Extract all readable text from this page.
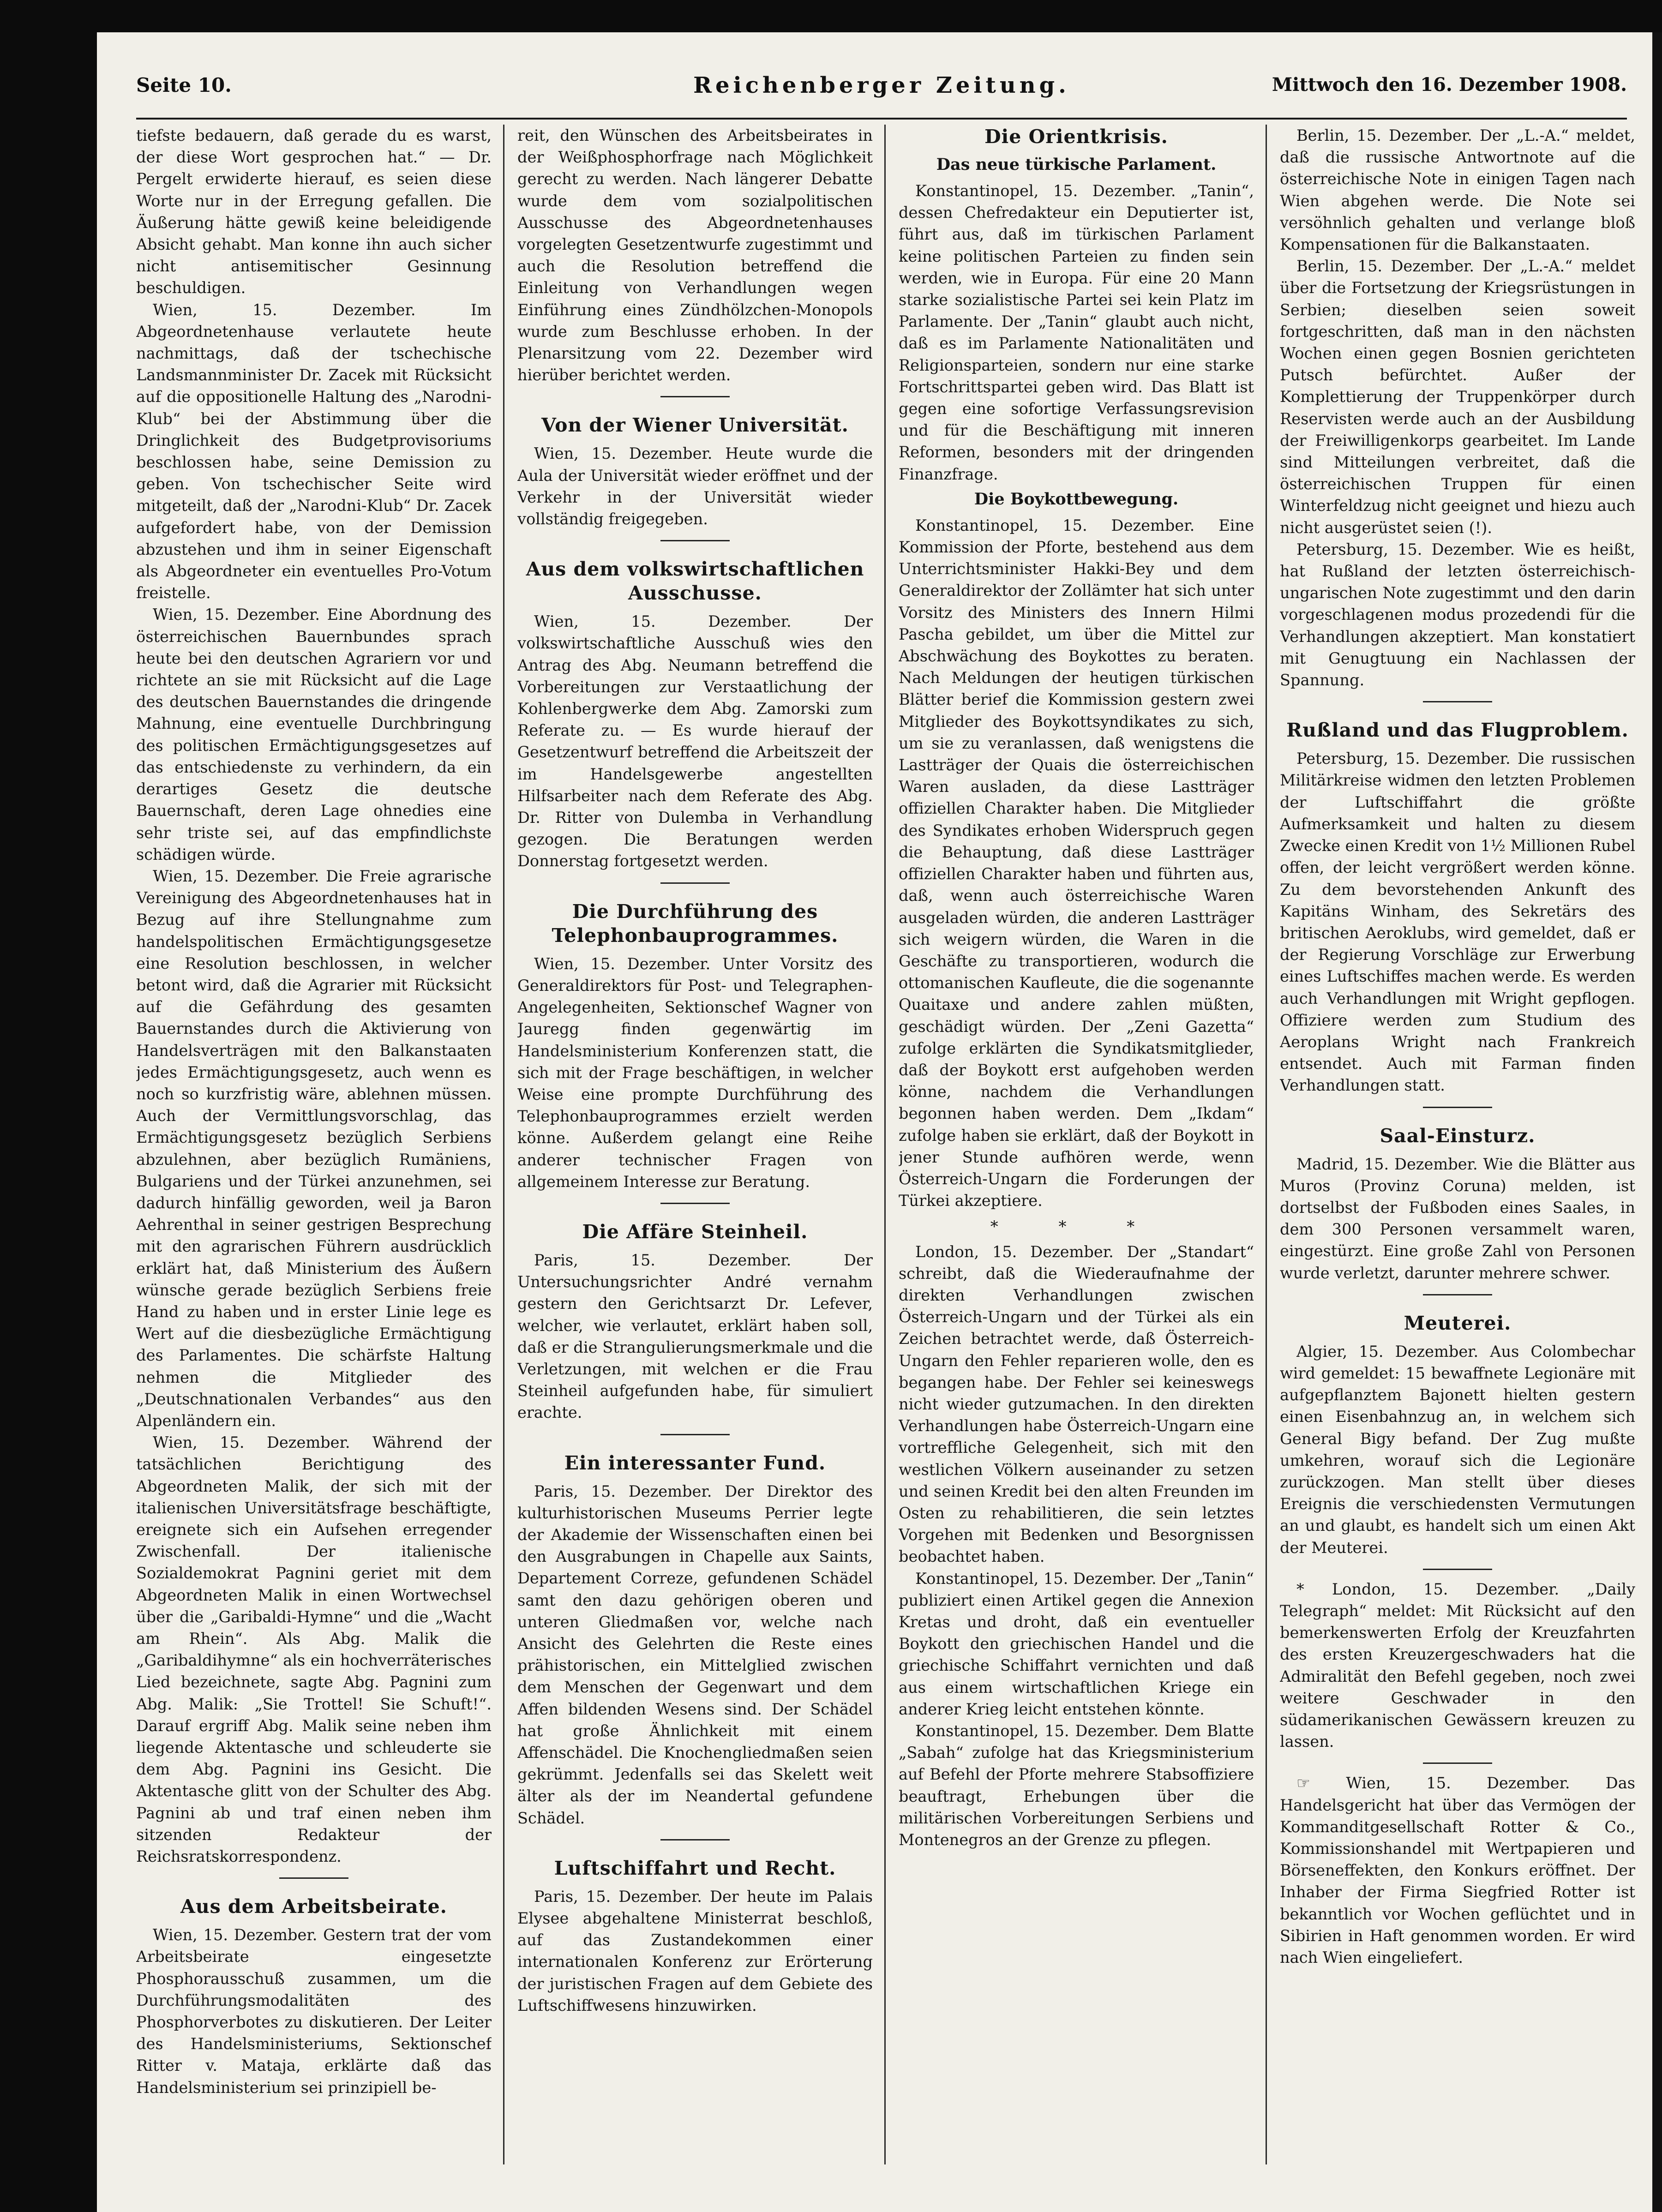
Seite 10.	Reichenberger Zeitung.	Mittwoch den 16. Dezember 1908.

tiefste bedauern, daß gerade du es warst, der diese Wort gesprochen hat.“ — Dr. Pergelt erwiderte hierauf, es seien diese Worte nur in der Erregung gefallen. Die Äußerung hätte gewiß keine beleidigende Absicht gehabt. Man konne ihn auch sicher nicht antisemitischer Gesinnung beschuldigen.

Wien, 15. Dezember. Im Abgeordnetenhause verlautete heute nachmittags, daß der tschechische Landsmannminister Dr. Zacek mit Rücksicht auf die oppositionelle Haltung des „Narodni-Klub“ bei der Abstimmung über die Dringlichkeit des Budgetprovisoriums beschlossen habe, seine Demission zu geben. Von tschechischer Seite wird mitgeteilt, daß der „Narodni-Klub“ Dr. Zacek aufgefordert habe, von der Demission abzustehen und ihm in seiner Eigenschaft als Abgeordneter ein eventuelles Pro-Votum freistelle.

Wien, 15. Dezember. Eine Abordnung des österreichischen Bauernbundes sprach heute bei den deutschen Agrariern vor und richtete an sie mit Rücksicht auf die Lage des deutschen Bauernstandes die dringende Mahnung, eine eventuelle Durchbringung des politischen Ermächtigungsgesetzes auf das entschiedenste zu verhindern, da ein derartiges Gesetz die deutsche Bauernschaft, deren Lage ohnedies eine sehr triste sei, auf das empfindlichste schädigen würde.

Wien, 15. Dezember. Die Freie agrarische Vereinigung des Abgeordnetenhauses hat in Bezug auf ihre Stellungnahme zum handelspolitischen Ermächtigungsgesetze eine Resolution beschlossen, in welcher betont wird, daß die Agrarier mit Rücksicht auf die Gefährdung des gesamten Bauernstandes durch die Aktivierung von Handelsverträgen mit den Balkanstaaten jedes Ermächtigungsgesetz, auch wenn es noch so kurzfristig wäre, ablehnen müssen. Auch der Vermittlungsvorschlag, das Ermächtigungsgesetz bezüglich Serbiens abzulehnen, aber bezüglich Rumäniens, Bulgariens und der Türkei anzunehmen, sei dadurch hinfällig geworden, weil ja Baron Aehrenthal in seiner gestrigen Besprechung mit den agrarischen Führern ausdrücklich erklärt hat, daß Ministerium des Äußern wünsche gerade bezüglich Serbiens freie Hand zu haben und in erster Linie lege es Wert auf die diesbezügliche Ermächtigung des Parlamentes. Die schärfste Haltung nehmen die Mitglieder des „Deutschnationalen Verbandes“ aus den Alpenländern ein.

Wien, 15. Dezember. Während der tatsächlichen Berichtigung des Abgeordneten Malik, der sich mit der italienischen Universitätsfrage beschäftigte, ereignete sich ein Aufsehen erregender Zwischenfall. Der italienische Sozialdemokrat Pagnini geriet mit dem Abgeordneten Malik in einen Wortwechsel über die „Garibaldi-Hymne“ und die „Wacht am Rhein“. Als Abg. Malik die „Garibaldihymne“ als ein hochverräterisches Lied bezeichnete, sagte Abg. Pagnini zum Abg. Malik: „Sie Trottel! Sie Schuft!“. Darauf ergriff Abg. Malik seine neben ihm liegende Aktentasche und schleuderte sie dem Abg. Pagnini ins Gesicht. Die Aktentasche glitt von der Schulter des Abg. Pagnini ab und traf einen neben ihm sitzenden Redakteur der Reichsratskorrespondenz.

Aus dem Arbeitsbeirate.

Wien, 15. Dezember. Gestern trat der vom Arbeitsbeirate eingesetzte Phosphorausschuß zusammen, um die Durchführungsmodalitäten des Phosphorverbotes zu diskutieren. Der Leiter des Handelsministeriums, Sektionschef Ritter v. Mataja, erklärte daß das Handelsministerium sei prinzipiell be-

reit, den Wünschen des Arbeitsbeirates in der Weißphosphorfrage nach Möglichkeit gerecht zu werden. Nach längerer Debatte wurde dem vom sozialpolitischen Ausschusse des Abgeordnetenhauses vorgelegten Gesetzentwurfe zugestimmt und auch die Resolution betreffend die Einleitung von Verhandlungen wegen Einführung eines Zündhölzchen-Monopols wurde zum Beschlusse erhoben. In der Plenarsitzung vom 22. Dezember wird hierüber berichtet werden.

Von der Wiener Universität.

Wien, 15. Dezember. Heute wurde die Aula der Universität wieder eröffnet und der Verkehr in der Universität wieder vollständig freigegeben.

Aus dem volkswirtschaftlichen Ausschusse.

Wien, 15. Dezember. Der volkswirtschaftliche Ausschuß wies den Antrag des Abg. Neumann betreffend die Vorbereitungen zur Verstaatlichung der Kohlenbergwerke dem Abg. Zamorski zum Referate zu. — Es wurde hierauf der Gesetzentwurf betreffend die Arbeitszeit der im Handelsgewerbe angestellten Hilfsarbeiter nach dem Referate des Abg. Dr. Ritter von Dulemba in Verhandlung gezogen. Die Beratungen werden Donnerstag fortgesetzt werden.

Die Durchführung des Telephonbauprogrammes.

Wien, 15. Dezember. Unter Vorsitz des Generaldirektors für Post- und Telegraphen-Angelegenheiten, Sektionschef Wagner von Jauregg finden gegenwärtig im Handelsministerium Konferenzen statt, die sich mit der Frage beschäftigen, in welcher Weise eine prompte Durchführung des Telephonbauprogrammes erzielt werden könne. Außerdem gelangt eine Reihe anderer technischer Fragen von allgemeinem Interesse zur Beratung.

Die Affäre Steinheil.

Paris, 15. Dezember. Der Untersuchungsrichter André vernahm gestern den Gerichtsarzt Dr. Lefever, welcher, wie verlautet, erklärt haben soll, daß er die Strangulierungsmerkmale und die Verletzungen, mit welchen er die Frau Steinheil aufgefunden habe, für simuliert erachte.

Ein interessanter Fund.

Paris, 15. Dezember. Der Direktor des kulturhistorischen Museums Perrier legte der Akademie der Wissenschaften einen bei den Ausgrabungen in Chapelle aux Saints, Departement Correze, gefundenen Schädel samt den dazu gehörigen oberen und unteren Gliedmaßen vor, welche nach Ansicht des Gelehrten die Reste eines prähistorischen, ein Mittelglied zwischen dem Menschen der Gegenwart und dem Affen bildenden Wesens sind. Der Schädel hat große Ähnlichkeit mit einem Affenschädel. Die Knochengliedmaßen seien gekrümmt. Jedenfalls sei das Skelett weit älter als der im Neandertal gefundene Schädel.

Luftschiffahrt und Recht.

Paris, 15. Dezember. Der heute im Palais Elysee abgehaltene Ministerrat beschloß, auf das Zustandekommen einer internationalen Konferenz zur Erörterung der juristischen Fragen auf dem Gebiete des Luftschiffwesens hinzuwirken.

Die Orientkrisis.
Das neue türkische Parlament.

Konstantinopel, 15. Dezember. „Tanin“, dessen Chefredakteur ein Deputierter ist, führt aus, daß im türkischen Parlament keine politischen Parteien zu finden sein werden, wie in Europa. Für eine 20 Mann starke sozialistische Partei sei kein Platz im Parlamente. Der „Tanin“ glaubt auch nicht, daß es im Parlamente Nationalitäten und Religionsparteien, sondern nur eine starke Fortschrittspartei geben wird. Das Blatt ist gegen eine sofortige Verfassungsrevision und für die Beschäftigung mit inneren Reformen, besonders mit der dringenden Finanzfrage.

Die Boykottbewegung.

Konstantinopel, 15. Dezember. Eine Kommission der Pforte, bestehend aus dem Unterrichtsminister Hakki-Bey und dem Generaldirektor der Zollämter hat sich unter Vorsitz des Ministers des Innern Hilmi Pascha gebildet, um über die Mittel zur Abschwächung des Boykottes zu beraten. Nach Meldungen der heutigen türkischen Blätter berief die Kommission gestern zwei Mitglieder des Boykottsyndikates zu sich, um sie zu veranlassen, daß wenigstens die Lastträger der Quais die österreichischen Waren ausladen, da diese Lastträger offiziellen Charakter haben. Die Mitglieder des Syndikates erhoben Widerspruch gegen die Behauptung, daß diese Lastträger offiziellen Charakter haben und führten aus, daß, wenn auch österreichische Waren ausgeladen würden, die anderen Lastträger sich weigern würden, die Waren in die Geschäfte zu transportieren, wodurch die ottomanischen Kaufleute, die die sogenannte Quaitaxe und andere zahlen müßten, geschädigt würden. Der „Zeni Gazetta“ zufolge erklärten die Syndikatsmitglieder, daß der Boykott erst aufgehoben werden könne, nachdem die Verhandlungen begonnen haben werden. Dem „Ikdam“ zufolge haben sie erklärt, daß der Boykott in jener Stunde aufhören werde, wenn Österreich-Ungarn die Forderungen der Türkei akzeptiere.

* * *

London, 15. Dezember. Der „Standart“ schreibt, daß die Wiederaufnahme der direkten Verhandlungen zwischen Österreich-Ungarn und der Türkei als ein Zeichen betrachtet werde, daß Österreich-Ungarn den Fehler reparieren wolle, den es begangen habe. Der Fehler sei keineswegs nicht wieder gutzumachen. In den direkten Verhandlungen habe Österreich-Ungarn eine vortreffliche Gelegenheit, sich mit den westlichen Völkern auseinander zu setzen und seinen Kredit bei den alten Freunden im Osten zu rehabilitieren, die sein letztes Vorgehen mit Bedenken und Besorgnissen beobachtet haben.

Konstantinopel, 15. Dezember. Der „Tanin“ publiziert einen Artikel gegen die Annexion Kretas und droht, daß ein eventueller Boykott den griechischen Handel und die griechische Schiffahrt vernichten und daß aus einem wirtschaftlichen Kriege ein anderer Krieg leicht entstehen könnte.

Konstantinopel, 15. Dezember. Dem Blatte „Sabah“ zufolge hat das Kriegsministerium auf Befehl der Pforte mehrere Stabsoffiziere beauftragt, Erhebungen über die militärischen Vorbereitungen Serbiens und Montenegros an der Grenze zu pflegen.

Berlin, 15. Dezember. Der „L.-A.“ meldet, daß die russische Antwortnote auf die österreichische Note in einigen Tagen nach Wien abgehen werde. Die Note sei versöhnlich gehalten und verlange bloß Kompensationen für die Balkanstaaten.

Berlin, 15. Dezember. Der „L.-A.“ meldet über die Fortsetzung der Kriegsrüstungen in Serbien; dieselben seien soweit fortgeschritten, daß man in den nächsten Wochen einen gegen Bosnien gerichteten Putsch befürchtet. Außer der Komplettierung der Truppenkörper durch Reservisten werde auch an der Ausbildung der Freiwilligenkorps gearbeitet. Im Lande sind Mitteilungen verbreitet, daß die österreichischen Truppen für einen Winterfeldzug nicht geeignet und hiezu auch nicht ausgerüstet seien (!).

Petersburg, 15. Dezember. Wie es heißt, hat Rußland der letzten österreichisch-ungarischen Note zugestimmt und den darin vorgeschlagenen modus prozedendi für die Verhandlungen akzeptiert. Man konstatiert mit Genugtuung ein Nachlassen der Spannung.

Rußland und das Flugproblem.

Petersburg, 15. Dezember. Die russischen Militärkreise widmen den letzten Problemen der Luftschiffahrt die größte Aufmerksamkeit und halten zu diesem Zwecke einen Kredit von 1½ Millionen Rubel offen, der leicht vergrößert werden könne. Zu dem bevorstehenden Ankunft des Kapitäns Winham, des Sekretärs des britischen Aeroklubs, wird gemeldet, daß er der Regierung Vorschläge zur Erwerbung eines Luftschiffes machen werde. Es werden auch Verhandlungen mit Wright gepflogen. Offiziere werden zum Studium des Aeroplans Wright nach Frankreich entsendet. Auch mit Farman finden Verhandlungen statt.

Saal-Einsturz.

Madrid, 15. Dezember. Wie die Blätter aus Muros (Provinz Coruna) melden, ist dortselbst der Fußboden eines Saales, in dem 300 Personen versammelt waren, eingestürzt. Eine große Zahl von Personen wurde verletzt, darunter mehrere schwer.

Meuterei.

Algier, 15. Dezember. Aus Colombechar wird gemeldet: 15 bewaffnete Legionäre mit aufgepflanztem Bajonett hielten gestern einen Eisenbahnzug an, in welchem sich General Bigy befand. Der Zug mußte umkehren, worauf sich die Legionäre zurückzogen. Man stellt über dieses Ereignis die verschiedensten Vermutungen an und glaubt, es handelt sich um einen Akt der Meuterei.

* London, 15. Dezember. „Daily Telegraph“ meldet: Mit Rücksicht auf den bemerkenswerten Erfolg der Kreuzfahrten des ersten Kreuzergeschwaders hat die Admiralität den Befehl gegeben, noch zwei weitere Geschwader in den südamerikanischen Gewässern kreuzen zu lassen.

☞ Wien, 15. Dezember. Das Handelsgericht hat über das Vermögen der Kommanditgesellschaft Rotter & Co., Kommissionshandel mit Wertpapieren und Börseneffekten, den Konkurs eröffnet. Der Inhaber der Firma Siegfried Rotter ist bekanntlich vor Wochen geflüchtet und in Sibirien in Haft genommen worden. Er wird nach Wien eingeliefert.
